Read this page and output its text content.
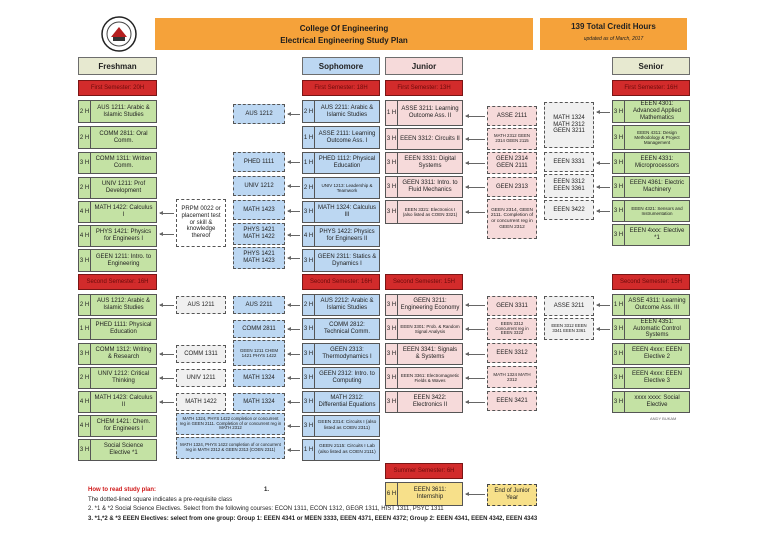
College Of Engineering
Electrical Engineering Study Plan
139 Total Credit Hours
updated as of March, 2017
Freshman	Sophomore	Junior	Senior
First Semester: 20H	First Semester: 18H	First Semester: 13H	First Semester: 16H
Second Semester: 16H	Second Semester: 16H	Second Semester: 15H	Second Semester: 15H
Summer Semester: 6H
2 H
AUS 1211: Arabic & Islamic Studies
2 H
COMM 2811: Oral Comm.
3 H
COMM 1311: Written Comm.
2 H
UNIV 1211: Prof Development
4 H
MATH 1422: Calculus I
4 H
PHYS 1421: Physics for Engineers I
3 H
GEEN 1211: Intro. to Engineering
2 H
AUS 1212: Arabic & Islamic Studies
1 H
PHED 1111: Physical Education
3 H
COMM 1312: Writing & Research
2 H
UNIV 1212: Critical Thinking
4 H
MATH 1423: Calculus II
4 H
CHEM 1421: Chem. for Engineers I
3 H
Social Science Elective *1
PRPM 0022 or placement test or skill & knowledge thereof
AUS 1212
PHED 1111
UNIV 1212
MATH 1423
PHYS 1421 MATH 1422
PHYS 1421 MATH 1423
AUS 1211
COMM 1311
UNIV 1211
MATH 1422
AUS 2211
COMM 2811
GEEN 1211 CHEM 1421 PHYS 1422
MATH 1324
MATH 1324
MATH 1324, PHYS 1422 completion or concurrent reg in GEEN 2111. Completion of or concurrent reg in MATH 2312
MATH 1324, PHYS 1422 completion of or concurrent reg in MATH 2312 & GEEN 2313 (COEN 2311)
2 H
AUS 2211: Arabic & Islamic Studies
1 H
ASSE 2111: Learning Outcome Ass. I
1 H
PHED 1112: Physical Education
2 H	UNIV 1213: Leadership & Teamwork
3 H
MATH 1324: Calculus III
4 H
PHYS 1422: Physics for Engineers II
3 H
GEEN 2311: Statics & Dynamics I
2 H
AUS 2212: Arabic & Islamic Studies
3 H
COMM 2812: Technical Comm.
3 H
GEEN 2313: Thermodynamics I
3 H
GEEN 2312: Intro. to Computing
3 H
MATH 2312: Differential Equations
3 H
GEEN 2314: Circuits I (also listed as COEN 2311)
1 H
GEEN 2115: Circuits I Lab (also listed as COEN 2111)
1 H
ASSE 3211: Learning Outcome Ass. II
3 H EEEN 3312: Circuits II
3 H
EEEN 3331: Digital Systems
3 H
GEEN 3311: Intro. to Fluid Mechanics
3 H	EEEN 3321: Electronics I (also listed as COEN 3321)
3 H
GEEN 3211: Engineering Economy
3 H EEEN 3301: Prob. & Random Signal Analysis
3 H
EEEN 3341: Signals & Systems
3 H	EEEN 3361: Electromagnetic Fields & Waves
3 H
EEEN 3422: Electronics II
ASSE 2111
MATH 2312 GEEN 2314 GEEN 2115
GEEN 2314 GEEN 2111
GEEN 2313
GEEN 2314, GEEN 2111. Completion of or concurrent reg in GEEN 2312
GEEN 3311
EEEN 3312 Concurrent reg in EEEN 3322
EEEN 3312
MATH 1324 MATH 2312
EEEN 3421
6 H
EEEN 3611: Internship
End of Junior Year
MATH 1324 MATH 2312 GEEN 3211
EEEN 3331
EEEN 3312 EEEN 3361
EEEN 3422
ASSE 3211
EEEN 3312 EEEN 3341 EEEN 3361
3 H
EEEN 4301: Advanced Applied Mathematics
3 H
EEEN 4311: Design Methodology & Project Management
3 H
EEEN 4331: Microprocessors
3 H
EEEN 4361: Electric Machinery
3 H	EEEN 4321: Sensors and Instrumentation
3 H
EEEN 4xxx: Elective *1
1 H
ASSE 4311: Learning Outcome Ass. III
3 H
EEEN 4351: Automatic Control Systems
3 H
EEEN 4xxx: EEEN Elective 2
3 H
EEEN 4xxx: EEEN Elective 3
3 H
xxxx xxxx: Social Elective
ANDY BUKAM
How to read study plan:	1.
The dotted-lined square indicates a pre-requisite class
2. *1 & *2 Social Science Electives. Select from the following courses: ECON 1311, ECON 1312, GEGR 1311, HIST 1311, PSYC 1311
3. *1,*2 & *3 EEEN Electives: select from one group: Group 1: EEEN 4341 or MEEN 3333, EEEN 4371, EEEN 4372; Group 2: EEEN 4341, EEEN 4342, EEEN 4343
